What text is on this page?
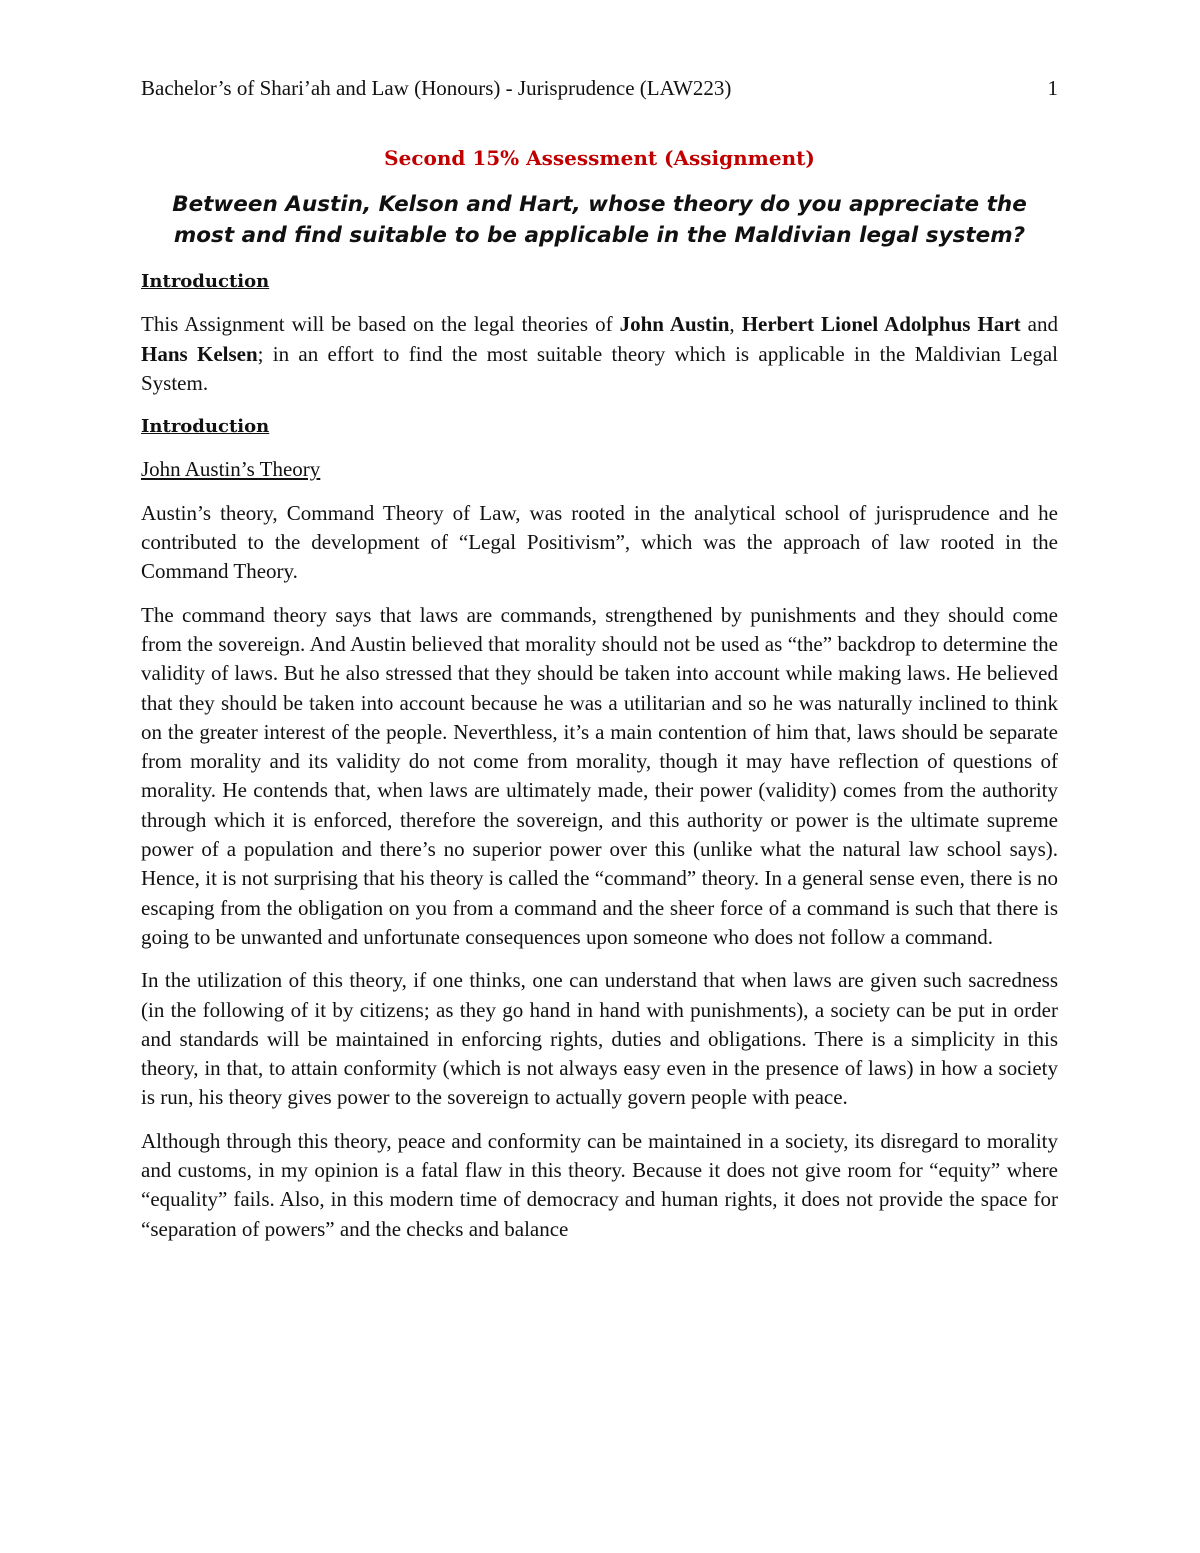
Bachelor’s of Shari’ah and Law (Honours) - Jurisprudence (LAW223)	1
Second 15% Assessment (Assignment)
Between Austin, Kelson and Hart, whose theory do you appreciate the most and find suitable to be applicable in the Maldivian legal system?
Introduction

This Assignment will be based on the legal theories of John Austin, Herbert Lionel Adolphus Hart and Hans Kelsen; in an effort to find the most suitable theory which is applicable in the Maldivian Legal System.

Introduction
John Austin’s Theory

Austin’s theory, Command Theory of Law, was rooted in the analytical school of jurisprudence and he contributed to the development of “Legal Positivism”, which was the approach of law rooted in the Command Theory.

The command theory says that laws are commands, strengthened by punishments and they should come from the sovereign. And Austin believed that morality should not be used as “the” backdrop to determine the validity of laws. But he also stressed that they should be taken into account while making laws. He believed that they should be taken into account because he was a utilitarian and so he was naturally inclined to think on the greater interest of the people. Neverthless, it’s a main contention of him that, laws should be separate from morality and its validity do not come from morality, though it may have reflection of questions of morality. He contends that, when laws are ultimately made, their power (validity) comes from the authority through which it is enforced, therefore the sovereign, and this authority or power is the ultimate supreme power of a population and there’s no superior power over this (unlike what the natural law school says). Hence, it is not surprising that his theory is called the “command” theory. In a general sense even, there is no escaping from the obligation on you from a command and the sheer force of a command is such that there is going to be unwanted and unfortunate consequences upon someone who does not follow a command.

In the utilization of this theory, if one thinks, one can understand that when laws are given such sacredness (in the following of it by citizens; as they go hand in hand with punishments), a society can be put in order and standards will be maintained in enforcing rights, duties and obligations. There is a simplicity in this theory, in that, to attain conformity (which is not always easy even in the presence of laws) in how a society is run, his theory gives power to the sovereign to actually govern people with peace.

Although through this theory, peace and conformity can be maintained in a society, its disregard to morality and customs, in my opinion is a fatal flaw in this theory. Because it does not give room for “equity” where “equality” fails. Also, in this modern time of democracy and human rights, it does not provide the space for “separation of powers” and the checks and balance
